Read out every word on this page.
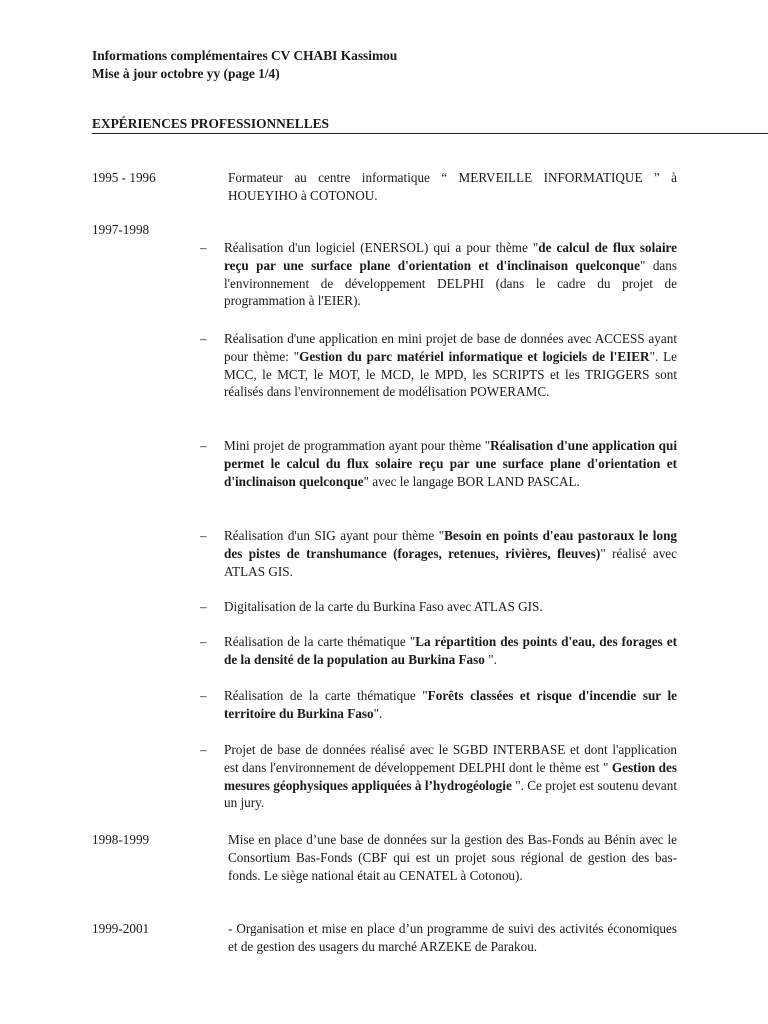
Informations complémentaires CV CHABI Kassimou
Mise à jour octobre yy (page 1/4)
EXPÉRIENCES PROFESSIONNELLES
1995 - 1996	Formateur au centre informatique “ MERVEILLE INFORMATIQUE ” à HOUEYIHO à COTONOU.
1997-1998
– Réalisation d'un logiciel (ENERSOL) qui a pour thème "de calcul de flux solaire reçu par une surface plane d'orientation et d'inclinaison quelconque" dans l'environnement de développement DELPHI (dans le cadre du projet de programmation à l'EIER).
– Réalisation d'une application en mini projet de base de données avec ACCESS ayant pour thème: "Gestion du parc matériel informatique et logiciels de l'EIER". Le MCC, le MCT, le MOT, le MCD, le MPD, les SCRIPTS et les TRIGGERS sont réalisés dans l'environnement de modélisation POWERAMC.
– Mini projet de programmation ayant pour thème "Réalisation d'une application qui permet le calcul du flux solaire reçu par une surface plane d'orientation et d'inclinaison quelconque" avec le langage BOR LAND PASCAL.
– Réalisation d'un SIG ayant pour thème "Besoin en points d'eau pastoraux le long des pistes de transhumance (forages, retenues, rivières, fleuves)" réalisé avec ATLAS GIS.
– Digitalisation de la carte du Burkina Faso avec ATLAS GIS.
– Réalisation de la carte thématique "La répartition des points d'eau, des forages et de la densité de la population au Burkina Faso ".
– Réalisation de la carte thématique "Forêts classées et risque d'incendie sur le territoire du Burkina Faso".
– Projet de base de données réalisé avec le SGBD INTERBASE et dont l'application est dans l'environnement de développement DELPHI dont le thème est " Gestion des mesures géophysiques appliquées à l’hydrogéologie ". Ce projet est soutenu devant un jury.
1998-1999	Mise en place d’une base de données sur la gestion des Bas-Fonds au Bénin avec le Consortium Bas-Fonds (CBF qui est un projet sous régional de gestion des bas-fonds. Le siège national était au CENATEL à Cotonou).
1999-2001	- Organisation et mise en place d’un programme de suivi des activités économiques et de gestion des usagers du marché ARZEKE de Parakou.
